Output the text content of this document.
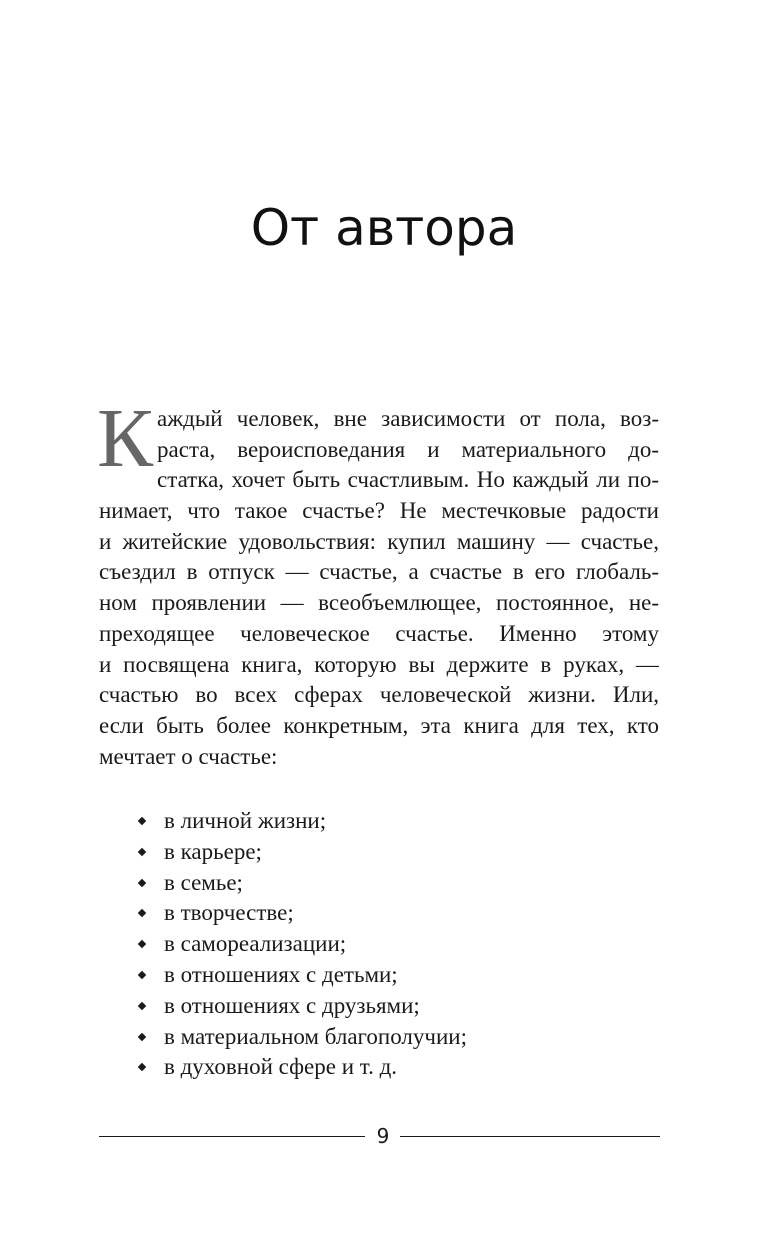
От автора
К аждый человек, вне зависимости от пола, воз-
раста, вероисповедания и материального до-
статка, хочет быть счастливым. Но каждый ли по-
нимает, что такое счастье? Не местечковые радости
и житейские удовольствия: купил машину — счастье,
съездил в отпуск — счастье, а счастье в его глобаль-
ном проявлении — всеобъемлющее, постоянное, не-
преходящее человеческое счастье. Именно этому
и посвящена книга, которую вы держите в руках, —
счастью во всех сферах человеческой жизни. Или,
если быть более конкретным, эта книга для тех, кто
мечтает о счастье:
в личной жизни;
в карьере;
в семье;
в творчестве;
в самореализации;
в отношениях с детьми;
в отношениях с друзьями;
в материальном благополучии;
в духовной сфере и т. д.
9
